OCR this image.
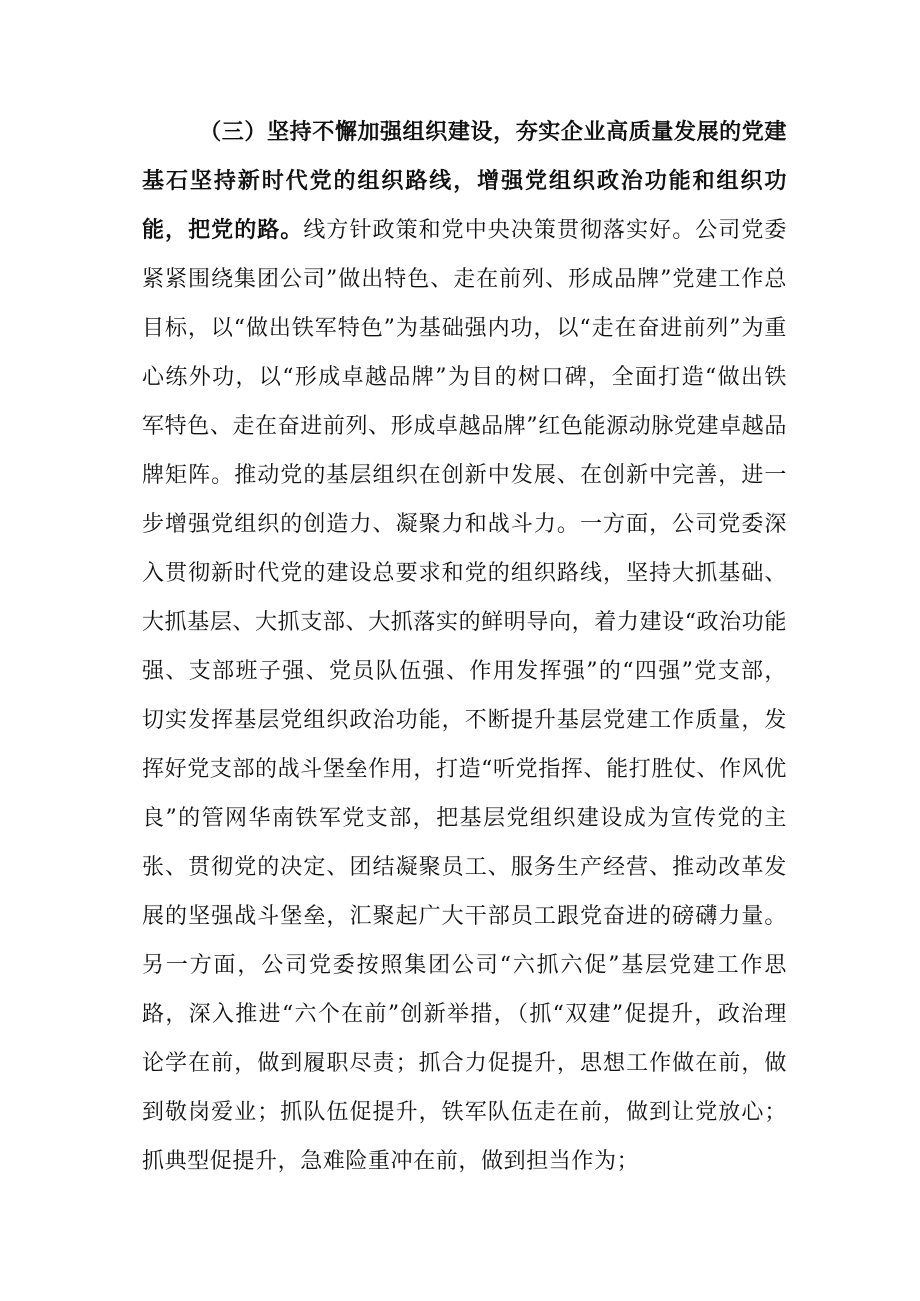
（三）坚持不懈加强组织建设，夯实企业高质量发展的党建基石坚持新时代党的组织路线，增强党组织政治功能和组织功能，把党的路。线方针政策和党中央决策贯彻落实好。公司党委紧紧围绕集团公司”做出特色、走在前列、形成品牌”党建工作总目标，以“做出铁军特色”为基础强内功，以“走在奋进前列”为重心练外功，以“形成卓越品牌”为目的树口碑，全面打造“做出铁军特色、走在奋进前列、形成卓越品牌”红色能源动脉党建卓越品牌矩阵。推动党的基层组织在创新中发展、在创新中完善，进一步增强党组织的创造力、凝聚力和战斗力。一方面，公司党委深入贯彻新时代党的建设总要求和党的组织路线，坚持大抓基础、大抓基层、大抓支部、大抓落实的鲜明导向，着力建设“政治功能强、支部班子强、党员队伍强、作用发挥强”的“四强”党支部，切实发挥基层党组织政治功能，不断提升基层党建工作质量，发挥好党支部的战斗堡垒作用，打造“听党指挥、能打胜仗、作风优良”的管网华南铁军党支部，把基层党组织建设成为宣传党的主张、贯彻党的决定、团结凝聚员工、服务生产经营、推动改革发展的坚强战斗堡垒，汇聚起广大干部员工跟党奋进的磅礴力量。另一方面，公司党委按照集团公司“六抓六促”基层党建工作思路，深入推进“六个在前”创新举措，（抓“双建”促提升，政治理论学在前，做到履职尽责；抓合力促提升，思想工作做在前，做到敬岗爱业；抓队伍促提升，铁军队伍走在前，做到让党放心；抓典型促提升，急难险重冲在前，做到担当作为；
